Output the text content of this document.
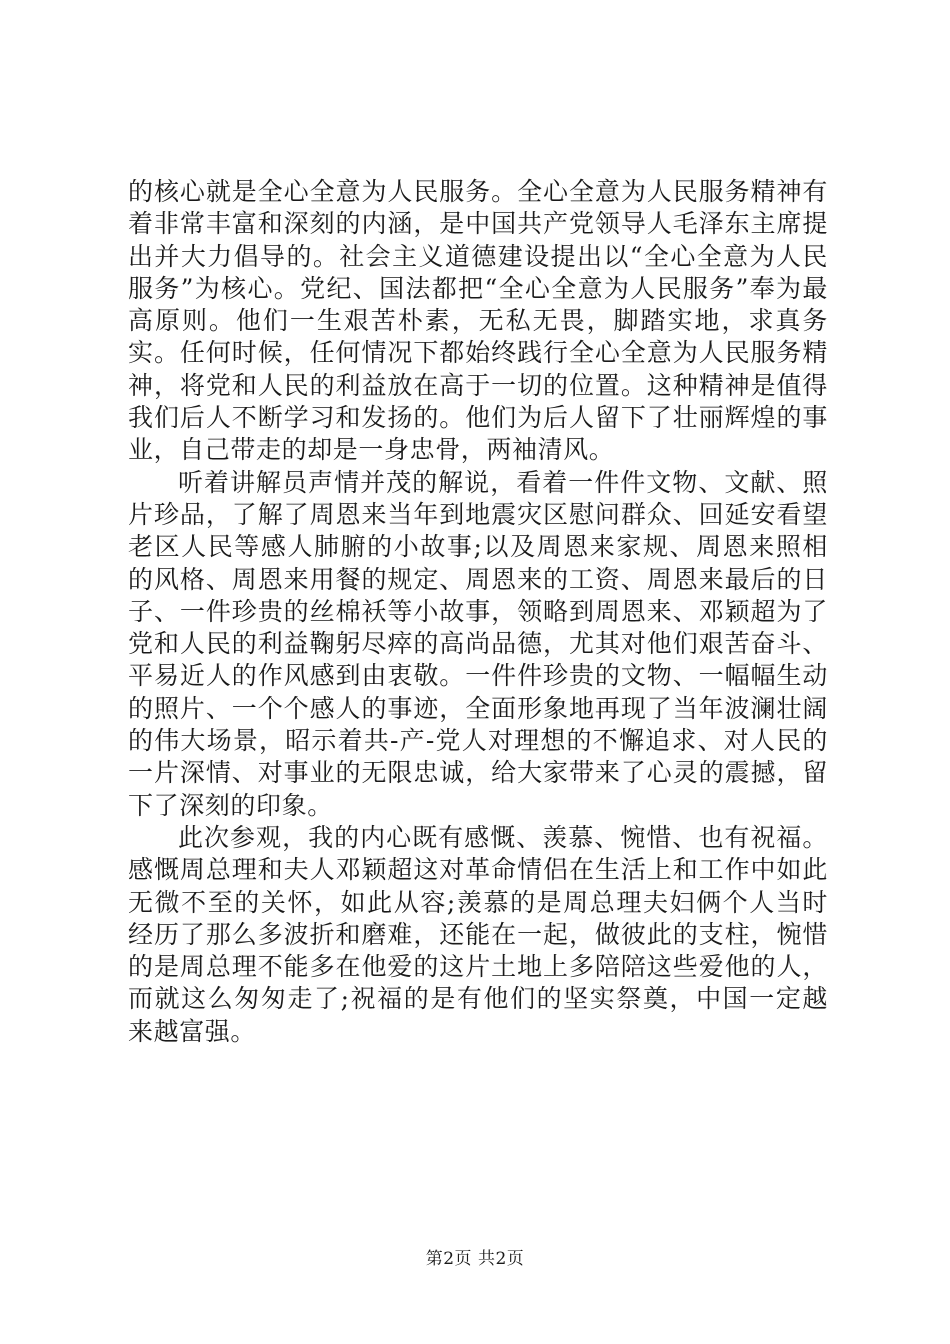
的核心就是全心全意为人民服务。全心全意为人民服务精神有着非常丰富和深刻的内涵，是中国共产党领导人毛泽东主席提出并大力倡导的。社会主义道德建设提出以“全心全意为人民服务”为核心。党纪、国法都把“全心全意为人民服务”奉为最高原则。他们一生艰苦朴素，无私无畏，脚踏实地，求真务实。任何时候，任何情况下都始终践行全心全意为人民服务精神，将党和人民的利益放在高于一切的位置。这种精神是值得我们后人不断学习和发扬的。他们为后人留下了壮丽辉煌的事业，自己带走的却是一身忠骨，两袖清风。

听着讲解员声情并茂的解说，看着一件件文物、文献、照片珍品，了解了周恩来当年到地震灾区慰问群众、回延安看望老区人民等感人肺腑的小故事;以及周恩来家规、周恩来照相的风格、周恩来用餐的规定、周恩来的工资、周恩来最后的日子、一件珍贵的丝棉袄等小故事，领略到周恩来、邓颖超为了党和人民的利益鞠躬尽瘁的高尚品德，尤其对他们艰苦奋斗、平易近人的作风感到由衷敬。一件件珍贵的文物、一幅幅生动的照片、一个个感人的事迹，全面形象地再现了当年波澜壮阔的伟大场景，昭示着共-产-党人对理想的不懈追求、对人民的一片深情、对事业的无限忠诚，给大家带来了心灵的震撼，留下了深刻的印象。

此次参观，我的内心既有感慨、羡慕、惋惜、也有祝福。感慨周总理和夫人邓颖超这对革命情侣在生活上和工作中如此无微不至的关怀，如此从容;羡慕的是周总理夫妇俩个人当时经历了那么多波折和磨难，还能在一起，做彼此的支柱，惋惜的是周总理不能多在他爱的这片土地上多陪陪这些爱他的人，而就这么匆匆走了;祝福的是有他们的坚实祭奠，中国一定越来越富强。

第2页 共2页
